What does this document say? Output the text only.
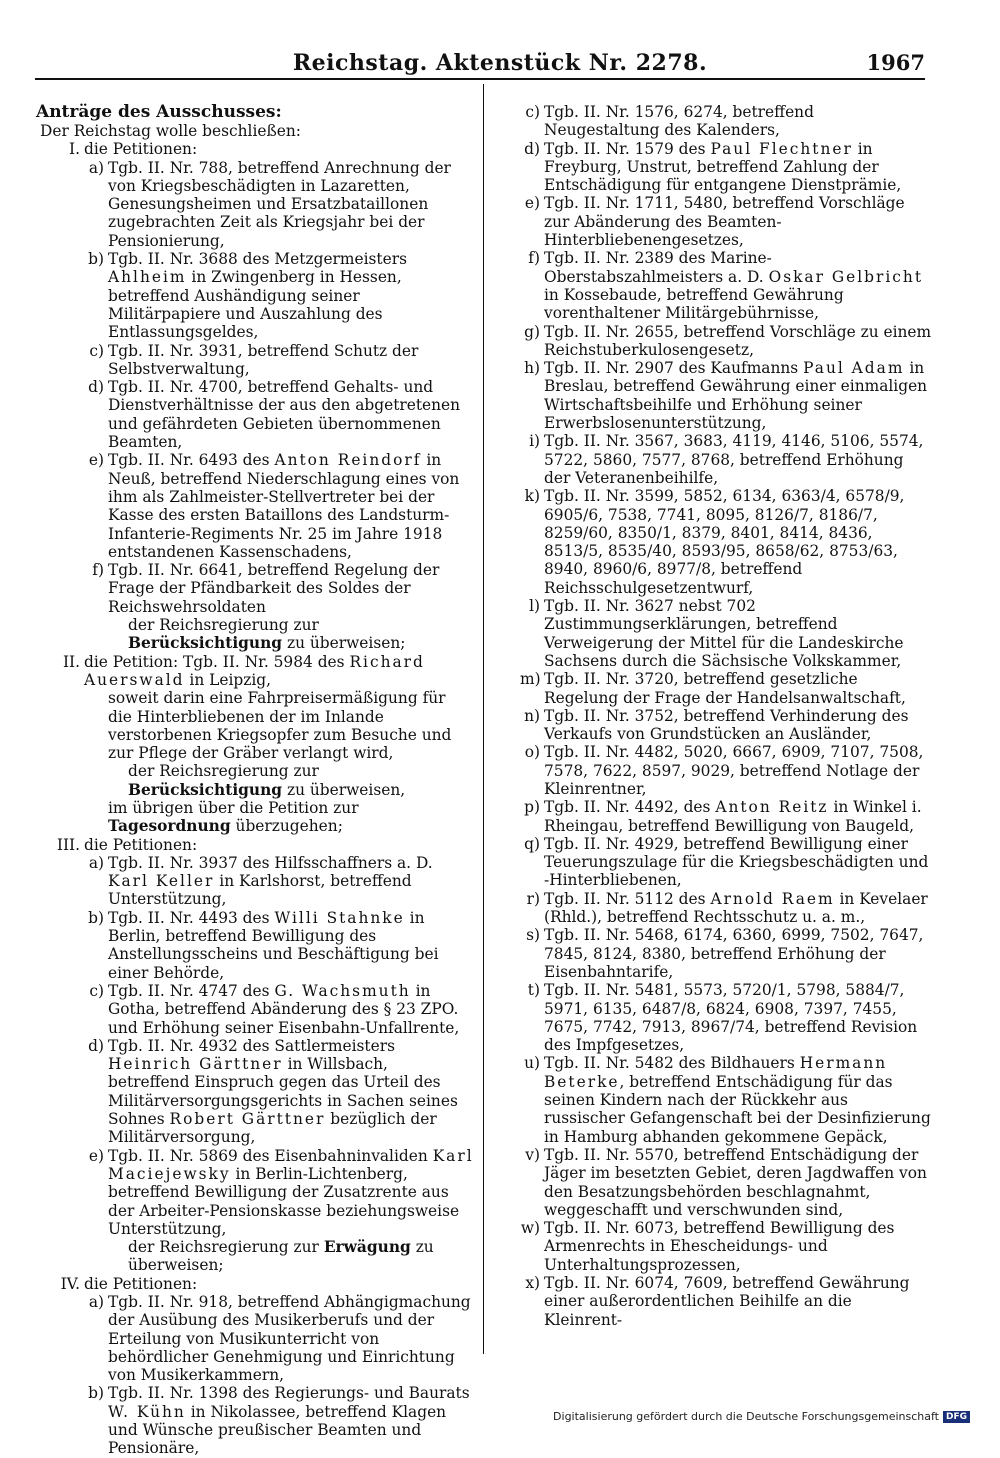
Reichstag. Aktenstück Nr. 2278.	1967
Anträge des Ausschusses:
Der Reichstag wolle beschließen:
I. die Petitionen:
a) Tgb. II. Nr. 788, betreffend Anrechnung der von Kriegsbeschädigten in Lazaretten, Genesungsheimen und Ersatzbataillonen zugebrachten Zeit als Kriegsjahr bei der Pensionierung,
b) Tgb. II. Nr. 3688 des Metzgermeisters Ahlheim in Zwingenberg in Hessen, betreffend Aushändigung seiner Militärpapiere und Auszahlung des Entlassungsgeldes,
c) Tgb. II. Nr. 3931, betreffend Schutz der Selbstverwaltung,
d) Tgb. II. Nr. 4700, betreffend Gehalts- und Dienstverhältnisse der aus den abgetretenen und gefährdeten Gebieten übernommenen Beamten,
e) Tgb. II. Nr. 6493 des Anton Reindorf in Neuß, betreffend Niederschlagung eines von ihm als Zahlmeister-Stellvertreter bei der Kasse des ersten Bataillons des Landsturm-Infanterie-Regiments Nr. 25 im Jahre 1918 entstandenen Kassenschadens,
f) Tgb. II. Nr. 6641, betreffend Regelung der Frage der Pfändbarkeit des Soldes der Reichswehrsoldaten
der Reichsregierung zur Berücksichtigung zu überweisen;
II. die Petition: Tgb. II. Nr. 5984 des Richard Auerswald in Leipzig,
soweit darin eine Fahrpreisermäßigung für die Hinterbliebenen der im Inlande verstorbenen Kriegsopfer zum Besuche und zur Pflege der Gräber verlangt wird,
der Reichsregierung zur Berücksichtigung zu überweisen,
im übrigen über die Petition zur Tagesordnung überzugehen;
III. die Petitionen:
a) Tgb. II. Nr. 3937 des Hilfsschaffners a. D. Karl Keller in Karlshorst, betreffend Unterstützung,
b) Tgb. II. Nr. 4493 des Willi Stahnke in Berlin, betreffend Bewilligung des Anstellungsscheins und Beschäftigung bei einer Behörde,
c) Tgb. II. Nr. 4747 des G. Wachsmuth in Gotha, betreffend Abänderung des § 23 ZPO. und Erhöhung seiner Eisenbahn-Unfallrente,
d) Tgb. II. Nr. 4932 des Sattlermeisters Heinrich Gärttner in Willsbach, betreffend Einspruch gegen das Urteil des Militärversorgungsgerichts in Sachen seines Sohnes Robert Gärttner bezüglich der Militärversorgung,
e) Tgb. II. Nr. 5869 des Eisenbahninvaliden Karl Maciejewsky in Berlin-Lichtenberg, betreffend Bewilligung der Zusatzrente aus der Arbeiter-Pensionskasse beziehungsweise Unterstützung,
der Reichsregierung zur Erwägung zu überweisen;
IV. die Petitionen:
a) Tgb. II. Nr. 918, betreffend Abhängigmachung der Ausübung des Musikerberufs und der Erteilung von Musikunterricht von behördlicher Genehmigung und Einrichtung von Musikerkammern,
b) Tgb. II. Nr. 1398 des Regierungs- und Baurats W. Kühn in Nikolassee, betreffend Klagen und Wünsche preußischer Beamten und Pensionäre,
c) Tgb. II. Nr. 1576, 6274, betreffend Neugestaltung des Kalenders,
d) Tgb. II. Nr. 1579 des Paul Flechtner in Freyburg, Unstrut, betreffend Zahlung der Entschädigung für entgangene Dienstprämie,
e) Tgb. II. Nr. 1711, 5480, betreffend Vorschläge zur Abänderung des Beamten-Hinterbliebenengesetzes,
f) Tgb. II. Nr. 2389 des Marine-Oberstabszahlmeisters a. D. Oskar Gelbricht in Kossebaude, betreffend Gewährung vorenthaltener Militärgebührnisse,
g) Tgb. II. Nr. 2655, betreffend Vorschläge zu einem Reichstuberkulosengesetz,
h) Tgb. II. Nr. 2907 des Kaufmanns Paul Adam in Breslau, betreffend Gewährung einer einmaligen Wirtschaftsbeihilfe und Erhöhung seiner Erwerbslosenunterstützung,
i) Tgb. II. Nr. 3567, 3683, 4119, 4146, 5106, 5574, 5722, 5860, 7577, 8768, betreffend Erhöhung der Veteranenbeihilfe,
k) Tgb. II. Nr. 3599, 5852, 6134, 6363/4, 6578/9, 6905/6, 7538, 7741, 8095, 8126/7, 8186/7, 8259/60, 8350/1, 8379, 8401, 8414, 8436, 8513/5, 8535/40, 8593/95, 8658/62, 8753/63, 8940, 8960/6, 8977/8, betreffend Reichsschulgesetzentwurf,
l) Tgb. II. Nr. 3627 nebst 702 Zustimmungserklärungen, betreffend Verweigerung der Mittel für die Landeskirche Sachsens durch die Sächsische Volkskammer,
m) Tgb. II. Nr. 3720, betreffend gesetzliche Regelung der Frage der Handelsanwaltschaft,
n) Tgb. II. Nr. 3752, betreffend Verhinderung des Verkaufs von Grundstücken an Ausländer,
o) Tgb. II. Nr. 4482, 5020, 6667, 6909, 7107, 7508, 7578, 7622, 8597, 9029, betreffend Notlage der Kleinrentner,
p) Tgb. II. Nr. 4492, des Anton Reitz in Winkel i. Rheingau, betreffend Bewilligung von Baugeld,
q) Tgb. II. Nr. 4929, betreffend Bewilligung einer Teuerungszulage für die Kriegsbeschädigten und -Hinterbliebenen,
r) Tgb. II. Nr. 5112 des Arnold Raem in Kevelaer (Rhld.), betreffend Rechtsschutz u. a. m.,
s) Tgb. II. Nr. 5468, 6174, 6360, 6999, 7502, 7647, 7845, 8124, 8380, betreffend Erhöhung der Eisenbahntarife,
t) Tgb. II. Nr. 5481, 5573, 5720/1, 5798, 5884/7, 5971, 6135, 6487/8, 6824, 6908, 7397, 7455, 7675, 7742, 7913, 8967/74, betreffend Revision des Impfgesetzes,
u) Tgb. II. Nr. 5482 des Bildhauers Hermann Beterke, betreffend Entschädigung für das seinen Kindern nach der Rückkehr aus russischer Gefangenschaft bei der Desinfizierung in Hamburg abhanden gekommene Gepäck,
v) Tgb. II. Nr. 5570, betreffend Entschädigung der Jäger im besetzten Gebiet, deren Jagdwaffen von den Besatzungsbehörden beschlagnahmt, weggeschafft und verschwunden sind,
w) Tgb. II. Nr. 6073, betreffend Bewilligung des Armenrechts in Ehescheidungs- und Unterhaltungsprozessen,
x) Tgb. II. Nr. 6074, 7609, betreffend Gewährung einer außerordentlichen Beihilfe an die Kleinrent-
Digitalisierung gefördert durch die Deutsche Forschungsgemeinschaft DFG
